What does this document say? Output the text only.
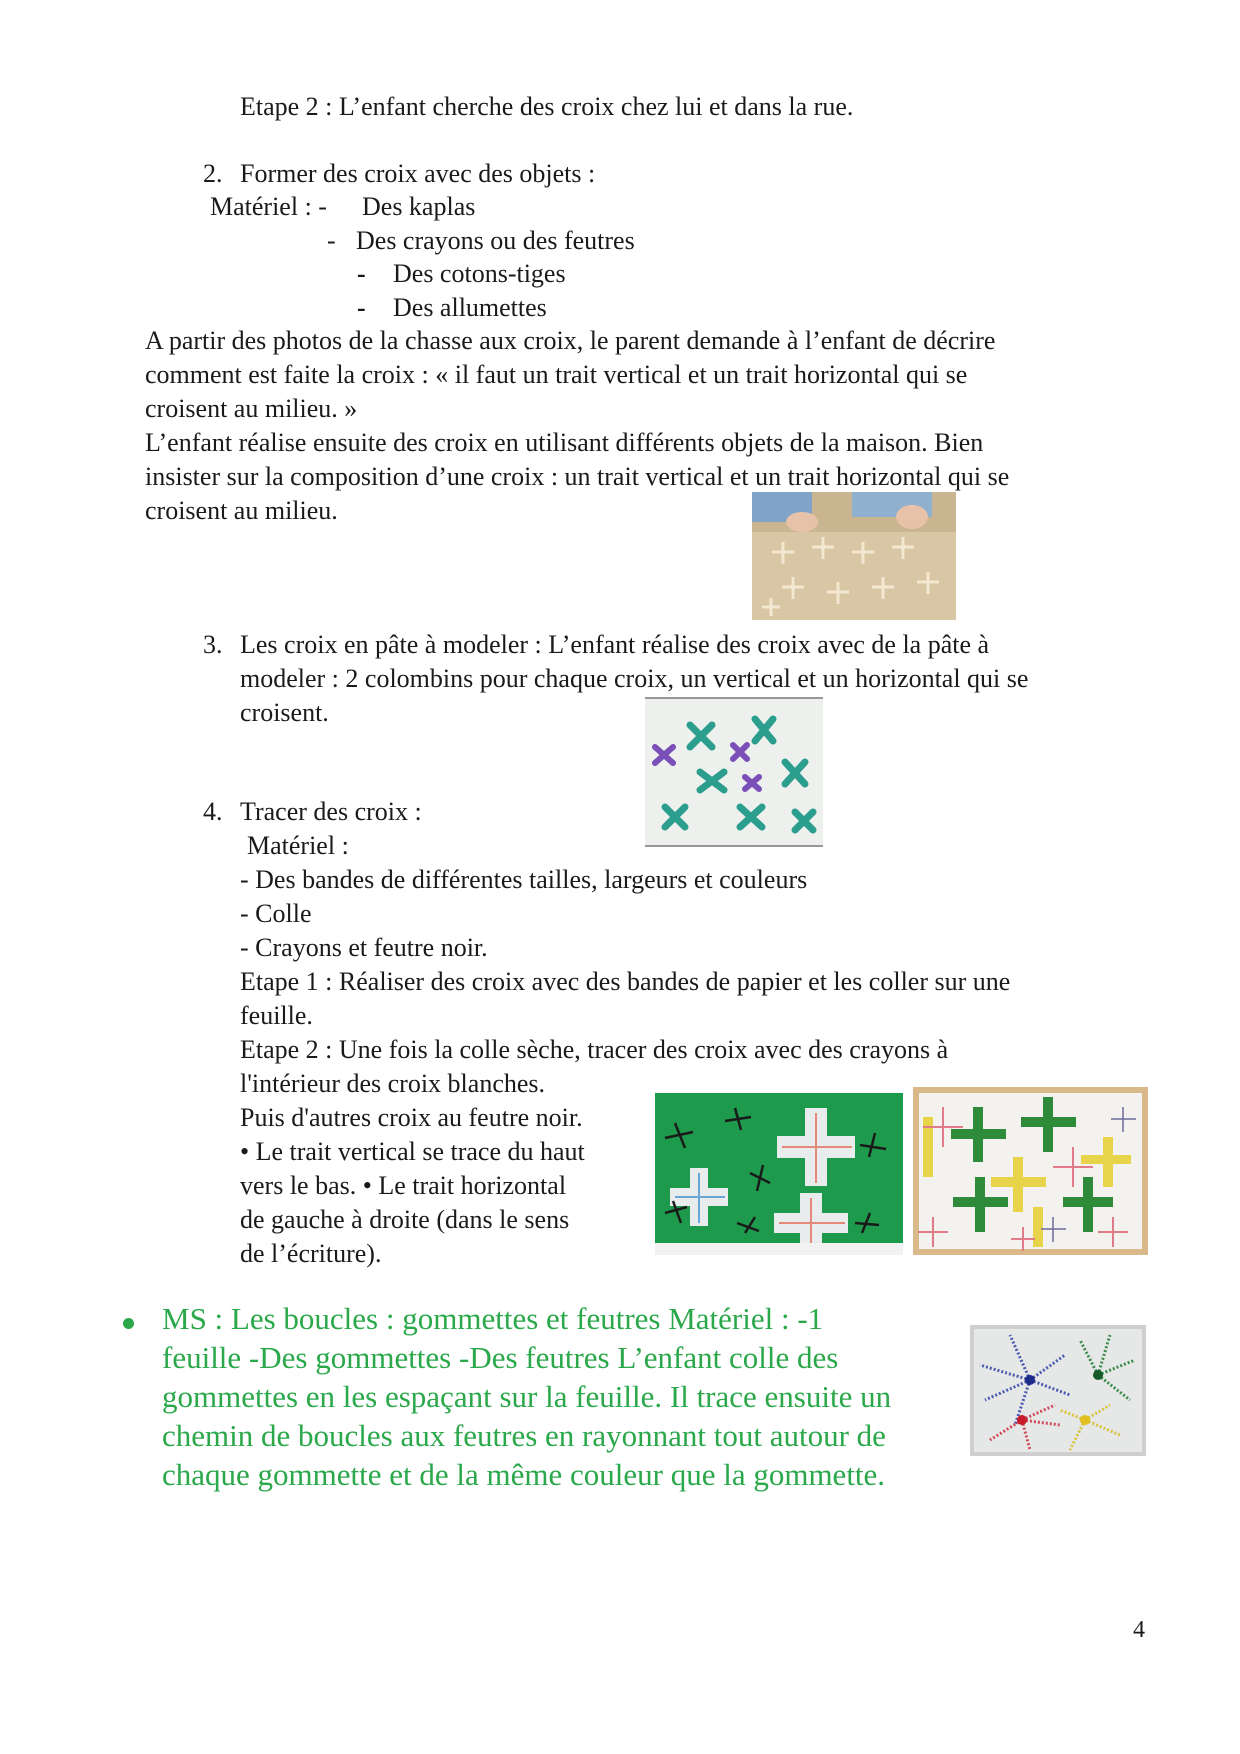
Etape 2 : L’enfant cherche des croix chez lui et dans la rue.
2. Former des croix avec des objets :
Matériel : - Des kaplas
- Des crayons ou des feutres
- Des cotons-tiges
- Des allumettes
A partir des photos de la chasse aux croix, le parent demande à l’enfant de décrire
comment est faite la croix : « il faut un trait vertical et un trait horizontal qui se
croisent au milieu. »
L’enfant réalise ensuite des croix en utilisant différents objets de la maison. Bien
insister sur la composition d’une croix : un trait vertical et un trait horizontal qui se
croisent au milieu.
3. Les croix en pâte à modeler : L’enfant réalise des croix avec de la pâte à
modeler : 2 colombins pour chaque croix, un vertical et un horizontal qui se
croisent.
4. Tracer des croix :
Matériel :
- Des bandes de différentes tailles, largeurs et couleurs
- Colle
- Crayons et feutre noir.
Etape 1 : Réaliser des croix avec des bandes de papier et les coller sur une
feuille.
Etape 2 : Une fois la colle sèche, tracer des croix avec des crayons à
l'intérieur des croix blanches.
Puis d'autres croix au feutre noir.
• Le trait vertical se trace du haut
vers le bas. • Le trait horizontal
de gauche à droite (dans le sens
de l’écriture).
MS : Les boucles : gommettes et feutres Matériel : -1
feuille -Des gommettes -Des feutres L’enfant colle des
gommettes en les espaçant sur la feuille. Il trace ensuite un
chemin de boucles aux feutres en rayonnant tout autour de
chaque gommette et de la même couleur que la gommette.
4
